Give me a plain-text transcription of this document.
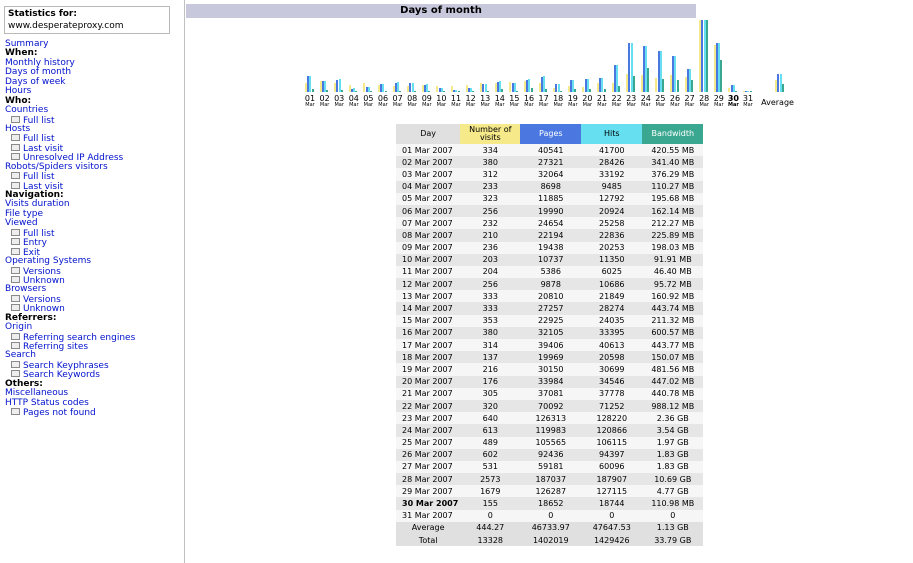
Statistics for:
www.desperateproxy.com
Summary
When:
Monthly history
Days of month
Days of week
Hours
Who:
Countries
Full list
Hosts
Full list
Last visit
Unresolved IP Address
Robots/Spiders visitors
Full list
Last visit
Navigation:
Visits duration
File type
Viewed
Full list
Entry
Exit
Operating Systems
Versions
Unknown
Browsers
Versions
Unknown
Referrers:
Origin
Referring search engines
Referring sites
Search
Search Keyphrases
Search Keywords
Others:
Miscellaneous
HTTP Status codes
Pages not found
Days of month
01
Mar
02
Mar
03
Mar
04
Mar
05
Mar
06
Mar
07
Mar
08
Mar
09
Mar
10
Mar
11
Mar
12
Mar
13
Mar
14
Mar
15
Mar
16
Mar
17
Mar
18
Mar
19
Mar
20
Mar
21
Mar
22
Mar
23
Mar
24
Mar
25
Mar
26
Mar
27
Mar
28
Mar
29
Mar
30
Mar
31
Mar Average
Day	Number of visits	Pages	Hits	Bandwidth
01 Mar 2007	334	40541	41700	420.55 MB
02 Mar 2007	380	27321	28426	341.40 MB
03 Mar 2007	312	32064	33192	376.29 MB
04 Mar 2007	233	8698	9485	110.27 MB
05 Mar 2007	323	11885	12792	195.68 MB
06 Mar 2007	256	19990	20924	162.14 MB
07 Mar 2007	232	24654	25258	212.27 MB
08 Mar 2007	210	22194	22836	225.89 MB
09 Mar 2007	236	19438	20253	198.03 MB
10 Mar 2007	203	10737	11350	91.91 MB
11 Mar 2007	204	5386	6025	46.40 MB
12 Mar 2007	256	9878	10686	95.72 MB
13 Mar 2007	333	20810	21849	160.92 MB
14 Mar 2007	333	27257	28274	443.74 MB
15 Mar 2007	353	22925	24035	211.32 MB
16 Mar 2007	380	32105	33395	600.57 MB
17 Mar 2007	314	39406	40613	443.77 MB
18 Mar 2007	137	19969	20598	150.07 MB
19 Mar 2007	216	30150	30699	481.56 MB
20 Mar 2007	176	33984	34546	447.02 MB
21 Mar 2007	305	37081	37778	440.78 MB
22 Mar 2007	320	70092	71252	988.12 MB
23 Mar 2007	640	126313	128220	2.36 GB
24 Mar 2007	613	119983	120866	3.54 GB
25 Mar 2007	489	105565	106115	1.97 GB
26 Mar 2007	602	92436	94397	1.83 GB
27 Mar 2007	531	59181	60096	1.83 GB
28 Mar 2007	2573	187037	187907	10.69 GB
29 Mar 2007	1679	126287	127115	4.77 GB
30 Mar 2007	155	18652	18744	110.98 MB
31 Mar 2007	0	0	0	0
Average	444.27	46733.97	47647.53	1.13 GB
Total	13328	1402019	1429426	33.79 GB
